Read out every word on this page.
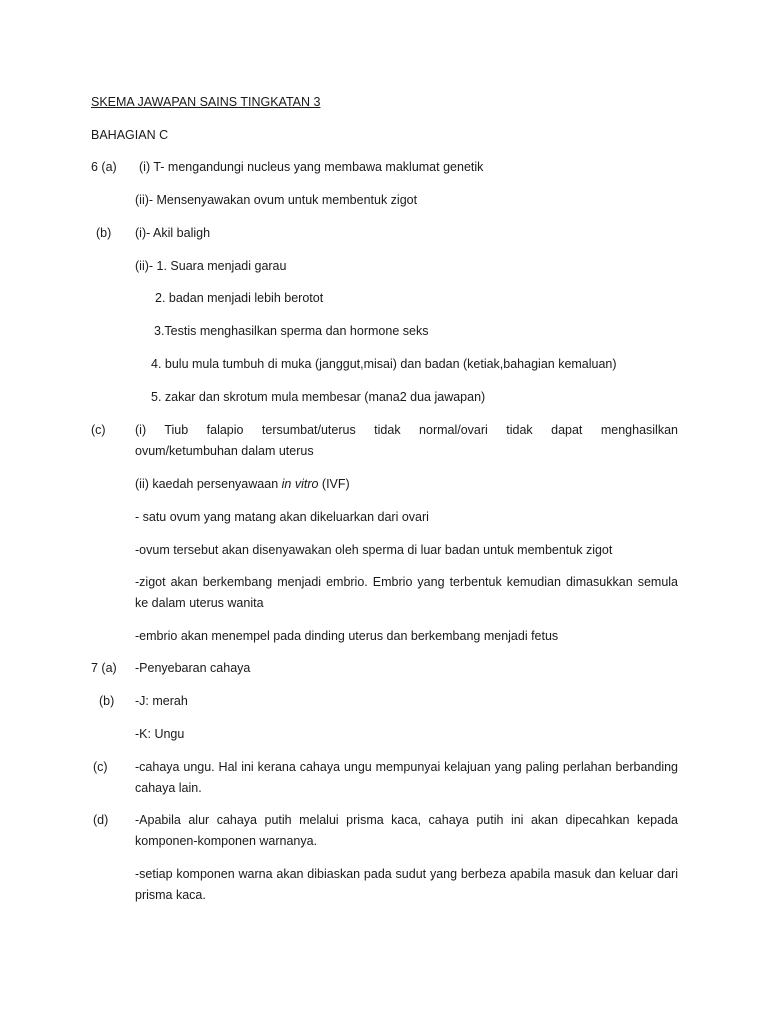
SKEMA JAWAPAN SAINS TINGKATAN 3
BAHAGIAN C
6 (a) (i) T- mengandungi nucleus yang membawa maklumat genetik
(ii)- Mensenyawakan ovum untuk membentuk zigot
(b) (i)- Akil baligh
(ii)- 1. Suara menjadi garau
2. badan menjadi lebih berotot
3.Testis menghasilkan sperma dan hormone seks
4. bulu mula tumbuh di muka (janggut,misai) dan badan (ketiak,bahagian kemaluan)
5. zakar dan skrotum mula membesar (mana2 dua jawapan)
(c) (i) Tiub falapio tersumbat/uterus tidak normal/ovari tidak dapat menghasilkan
ovum/ketumbuhan dalam uterus
(ii) kaedah persenyawaan in vitro (IVF)
- satu ovum yang matang akan dikeluarkan dari ovari
-ovum tersebut akan disenyawakan oleh sperma di luar badan untuk membentuk zigot
-zigot akan berkembang menjadi embrio. Embrio yang terbentuk kemudian dimasukkan semula
ke dalam uterus wanita
-embrio akan menempel pada dinding uterus dan berkembang menjadi fetus
7 (a) -Penyebaran cahaya
(b) -J: merah
-K: Ungu
(c) -cahaya ungu. Hal ini kerana cahaya ungu mempunyai kelajuan yang paling perlahan berbanding
cahaya lain.
(d) -Apabila alur cahaya putih melalui prisma kaca, cahaya putih ini akan dipecahkan kepada
komponen-komponen warnanya.
-setiap komponen warna akan dibiaskan pada sudut yang berbeza apabila masuk dan keluar dari
prisma kaca.
